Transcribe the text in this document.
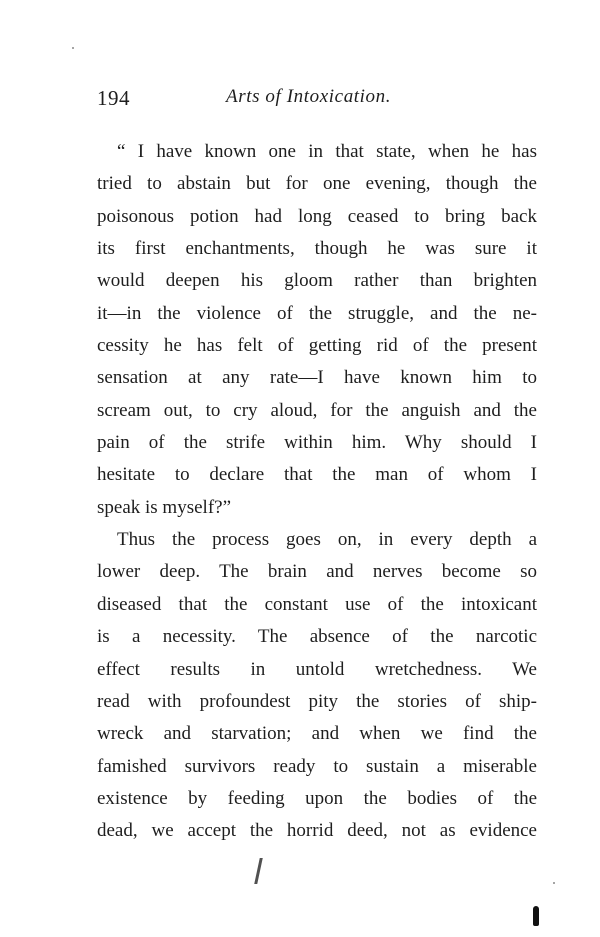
194	Arts of Intoxication.
“ I have known one in that state, when he has
tried to abstain but for one evening, though the
poisonous potion had long ceased to bring back
its first enchantments, though he was sure it
would deepen his gloom rather than brighten
it—in the violence of the struggle, and the ne-
cessity he has felt of getting rid of the present
sensation at any rate—I have known him to
scream out, to cry aloud, for the anguish and the
pain of the strife within him. Why should I
hesitate to declare that the man of whom I
speak is myself?”
Thus the process goes on, in every depth a
lower deep. The brain and nerves become so
diseased that the constant use of the intoxicant
is a necessity. The absence of the narcotic
effect results in untold wretchedness. We
read with profoundest pity the stories of ship-
wreck and starvation; and when we find the
famished survivors ready to sustain a miserable
existence by feeding upon the bodies of the
dead, we accept the horrid deed, not as evidence
